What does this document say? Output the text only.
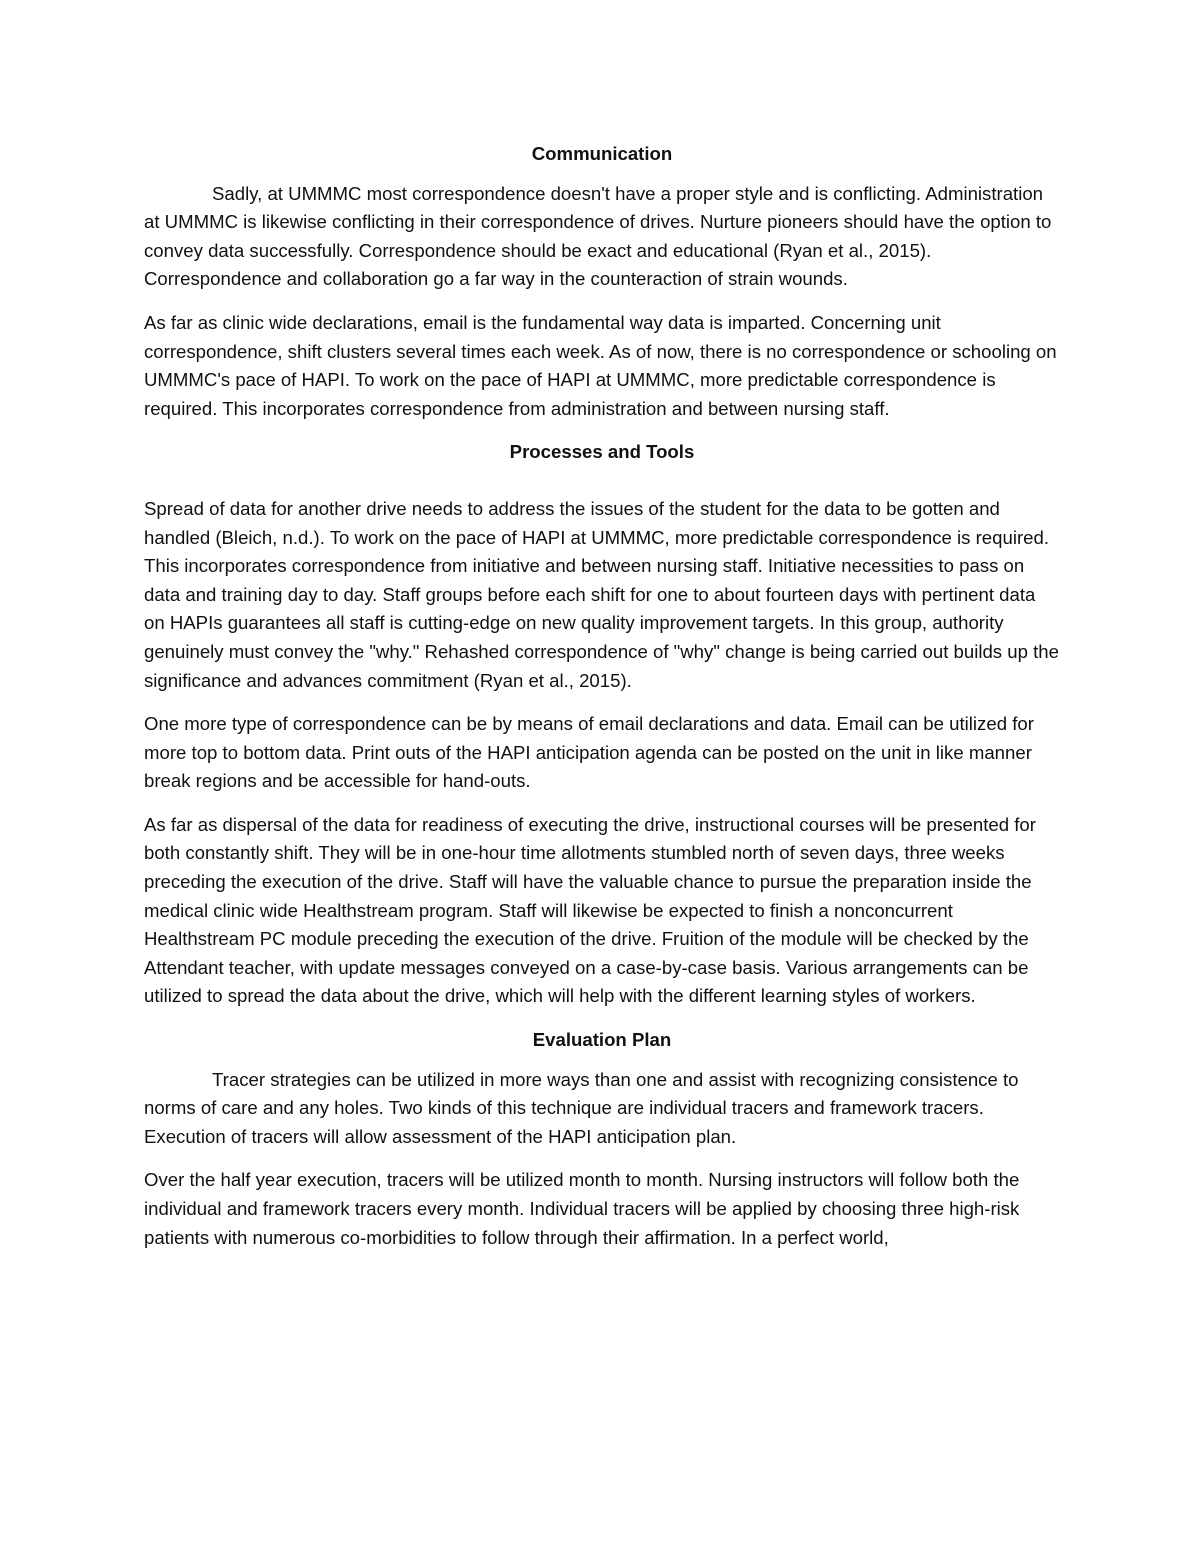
Communication

Sadly, at UMMMC most correspondence doesn't have a proper style and is conflicting. Administration at UMMMC is likewise conflicting in their correspondence of drives. Nurture pioneers should have the option to convey data successfully. Correspondence should be exact and educational (Ryan et al., 2015). Correspondence and collaboration go a far way in the counteraction of strain wounds.

As far as clinic wide declarations, email is the fundamental way data is imparted. Concerning unit correspondence, shift clusters several times each week. As of now, there is no correspondence or schooling on UMMMC's pace of HAPI. To work on the pace of HAPI at UMMMC, more predictable correspondence is required. This incorporates correspondence from administration and between nursing staff.

Processes and Tools

Spread of data for another drive needs to address the issues of the student for the data to be gotten and handled (Bleich, n.d.). To work on the pace of HAPI at UMMMC, more predictable correspondence is required. This incorporates correspondence from initiative and between nursing staff. Initiative necessities to pass on data and training day to day. Staff groups before each shift for one to about fourteen days with pertinent data on HAPIs guarantees all staff is cutting-edge on new quality improvement targets. In this group, authority genuinely must convey the "why." Rehashed correspondence of "why" change is being carried out builds up the significance and advances commitment (Ryan et al., 2015).

One more type of correspondence can be by means of email declarations and data. Email can be utilized for more top to bottom data. Print outs of the HAPI anticipation agenda can be posted on the unit in like manner break regions and be accessible for hand-outs.

As far as dispersal of the data for readiness of executing the drive, instructional courses will be presented for both constantly shift. They will be in one-hour time allotments stumbled north of seven days, three weeks preceding the execution of the drive. Staff will have the valuable chance to pursue the preparation inside the medical clinic wide Healthstream program. Staff will likewise be expected to finish a nonconcurrent Healthstream PC module preceding the execution of the drive. Fruition of the module will be checked by the Attendant teacher, with update messages conveyed on a case-by-case basis. Various arrangements can be utilized to spread the data about the drive, which will help with the different learning styles of workers.

Evaluation Plan

Tracer strategies can be utilized in more ways than one and assist with recognizing consistence to norms of care and any holes. Two kinds of this technique are individual tracers and framework tracers. Execution of tracers will allow assessment of the HAPI anticipation plan.

Over the half year execution, tracers will be utilized month to month. Nursing instructors will follow both the individual and framework tracers every month. Individual tracers will be applied by choosing three high-risk patients with numerous co-morbidities to follow through their affirmation. In a perfect world,
